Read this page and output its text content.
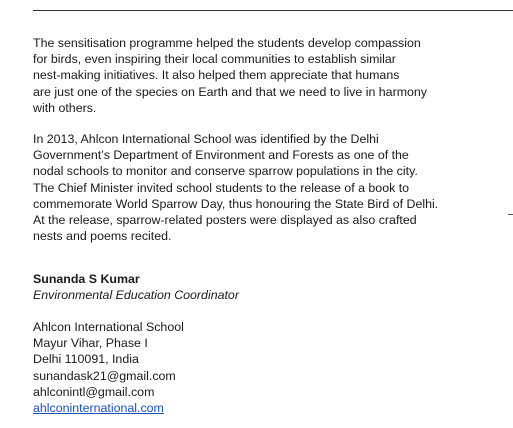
The sensitisation programme helped the students develop compassion
for birds, even inspiring their local communities to establish similar
nest-making initiatives. It also helped them appreciate that humans
are just one of the species on Earth and that we need to live in harmony
with others.

In 2013, Ahlcon International School was identified by the Delhi
Government’s Department of Environment and Forests as one of the
nodal schools to monitor and conserve sparrow populations in the city.
The Chief Minister invited school students to the release of a book to
commemorate World Sparrow Day, thus honouring the State Bird of Delhi.
At the release, sparrow-related posters were displayed as also crafted
nests and poems recited.

Sunanda S Kumar
Environmental Education Coordinator
Ahlcon International School
Mayur Vihar, Phase I
Delhi 110091, India
sunandask21@gmail.com
ahlconintl@gmail.com
ahlconinternational.com
